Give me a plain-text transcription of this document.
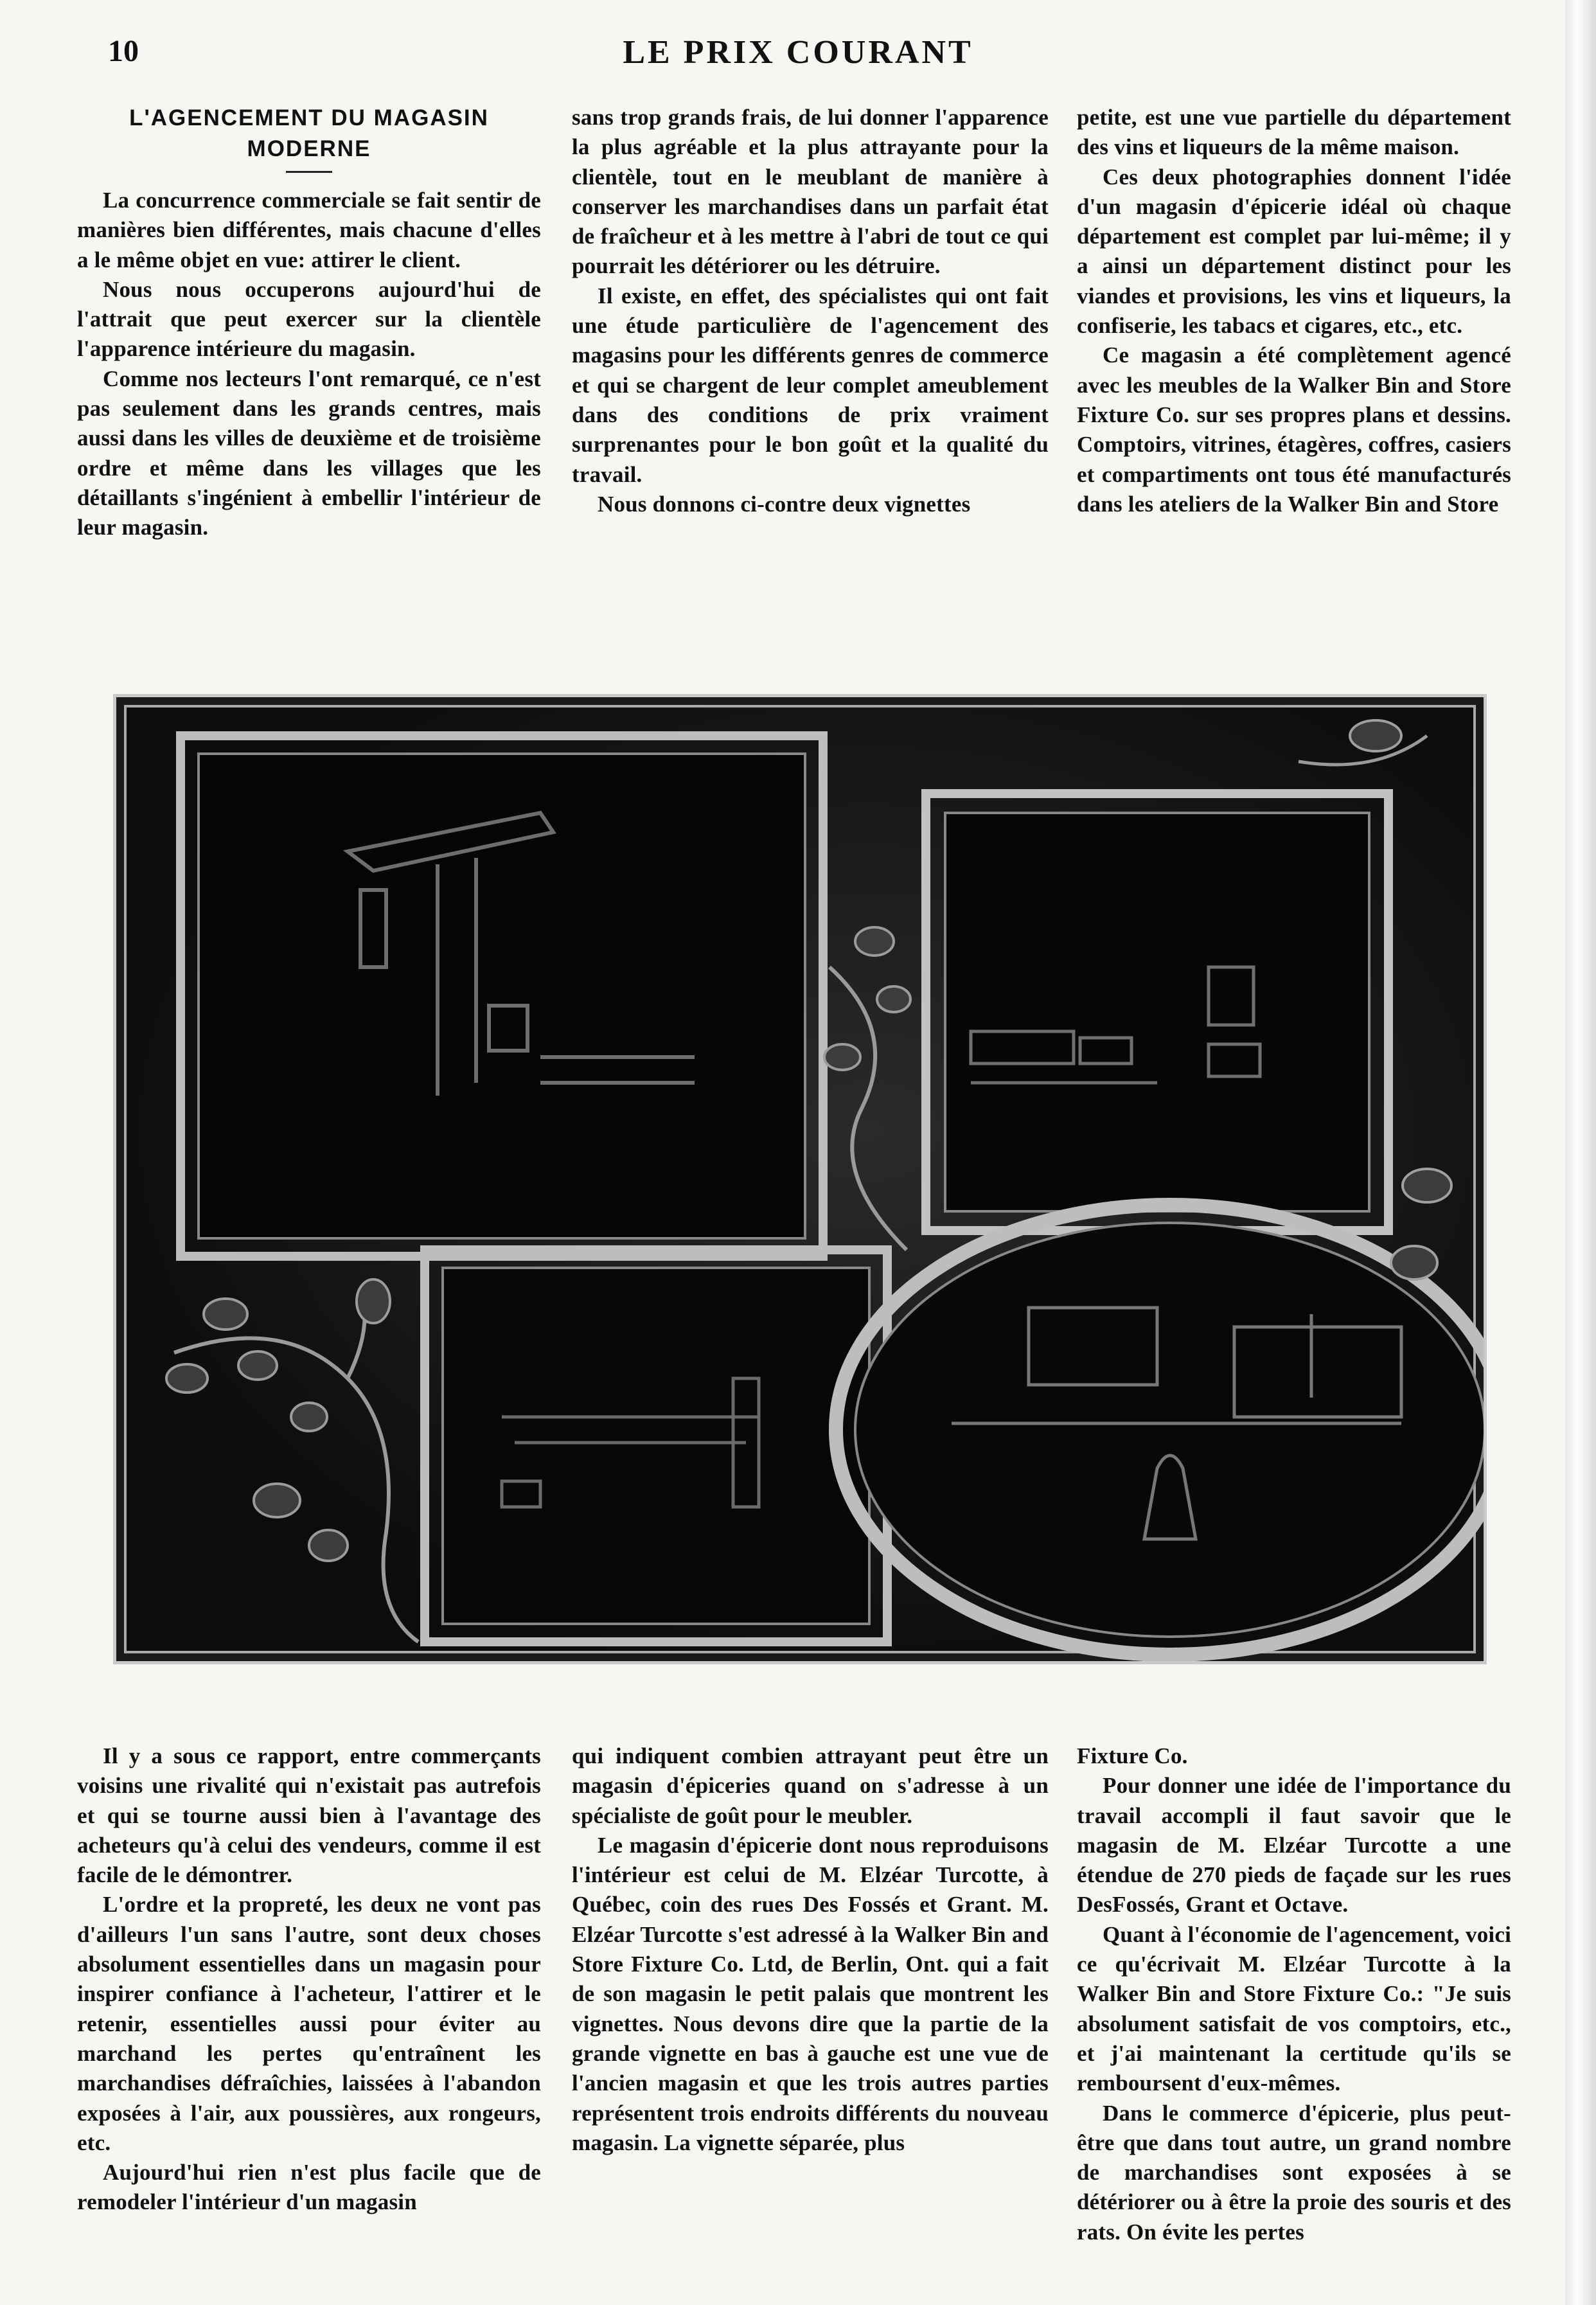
10	LE PRIX COURANT
L'AGENCEMENT DU MAGASIN
MODERNE

La concurrence commerciale se fait sentir de manières bien différentes, mais chacune d'elles a le même objet en vue: attirer le client.

Nous nous occuperons aujourd'hui de l'attrait que peut exercer sur la clientèle l'apparence intérieure du magasin.

Comme nos lecteurs l'ont remarqué, ce n'est pas seulement dans les grands centres, mais aussi dans les villes de deuxième et de troisième ordre et même dans les villages que les détaillants s'ingénient à embellir l'intérieur de leur magasin.

sans trop grands frais, de lui donner l'apparence la plus agréable et la plus attrayante pour la clientèle, tout en le meublant de manière à conserver les marchandises dans un parfait état de fraîcheur et à les mettre à l'abri de tout ce qui pourrait les détériorer ou les détruire.

Il existe, en effet, des spécialistes qui ont fait une étude particulière de l'agencement des magasins pour les différents genres de commerce et qui se chargent de leur complet ameublement dans des conditions de prix vraiment surprenantes pour le bon goût et la qualité du travail.

Nous donnons ci-contre deux vignettes

petite, est une vue partielle du département des vins et liqueurs de la même maison.

Ces deux photographies donnent l'idée d'un magasin d'épicerie idéal où chaque département est complet par lui-même; il y a ainsi un département distinct pour les viandes et provisions, les vins et liqueurs, la confiserie, les tabacs et cigares, etc., etc.

Ce magasin a été complètement agencé avec les meubles de la Walker Bin and Store Fixture Co. sur ses propres plans et dessins. Comptoirs, vitrines, étagères, coffres, casiers et compartiments ont tous été manufacturés dans les ateliers de la Walker Bin and Store

Il y a sous ce rapport, entre commerçants voisins une rivalité qui n'existait pas autrefois et qui se tourne aussi bien à l'avantage des acheteurs qu'à celui des vendeurs, comme il est facile de le démontrer.

L'ordre et la propreté, les deux ne vont pas d'ailleurs l'un sans l'autre, sont deux choses absolument essentielles dans un magasin pour inspirer confiance à l'acheteur, l'attirer et le retenir, essentielles aussi pour éviter au marchand les pertes qu'entraînent les marchandises défraîchies, laissées à l'abandon exposées à l'air, aux poussières, aux rongeurs, etc.

Aujourd'hui rien n'est plus facile que de remodeler l'intérieur d'un magasin

qui indiquent combien attrayant peut être un magasin d'épiceries quand on s'adresse à un spécialiste de goût pour le meubler.

Le magasin d'épicerie dont nous reproduisons l'intérieur est celui de M. Elzéar Turcotte, à Québec, coin des rues Des Fossés et Grant. M. Elzéar Turcotte s'est adressé à la Walker Bin and Store Fixture Co. Ltd, de Berlin, Ont. qui a fait de son magasin le petit palais que montrent les vignettes. Nous devons dire que la partie de la grande vignette en bas à gauche est une vue de l'ancien magasin et que les trois autres parties représentent trois endroits différents du nouveau magasin. La vignette séparée, plus

Fixture Co.

Pour donner une idée de l'importance du travail accompli il faut savoir que le magasin de M. Elzéar Turcotte a une étendue de 270 pieds de façade sur les rues DesFossés, Grant et Octave.

Quant à l'économie de l'agencement, voici ce qu'écrivait M. Elzéar Turcotte à la Walker Bin and Store Fixture Co.: "Je suis absolument satisfait de vos comptoirs, etc., et j'ai maintenant la certitude qu'ils se remboursent d'eux-mêmes.

Dans le commerce d'épicerie, plus peut-être que dans tout autre, un grand nombre de marchandises sont exposées à se détériorer ou à être la proie des souris et des rats. On évite les pertes
